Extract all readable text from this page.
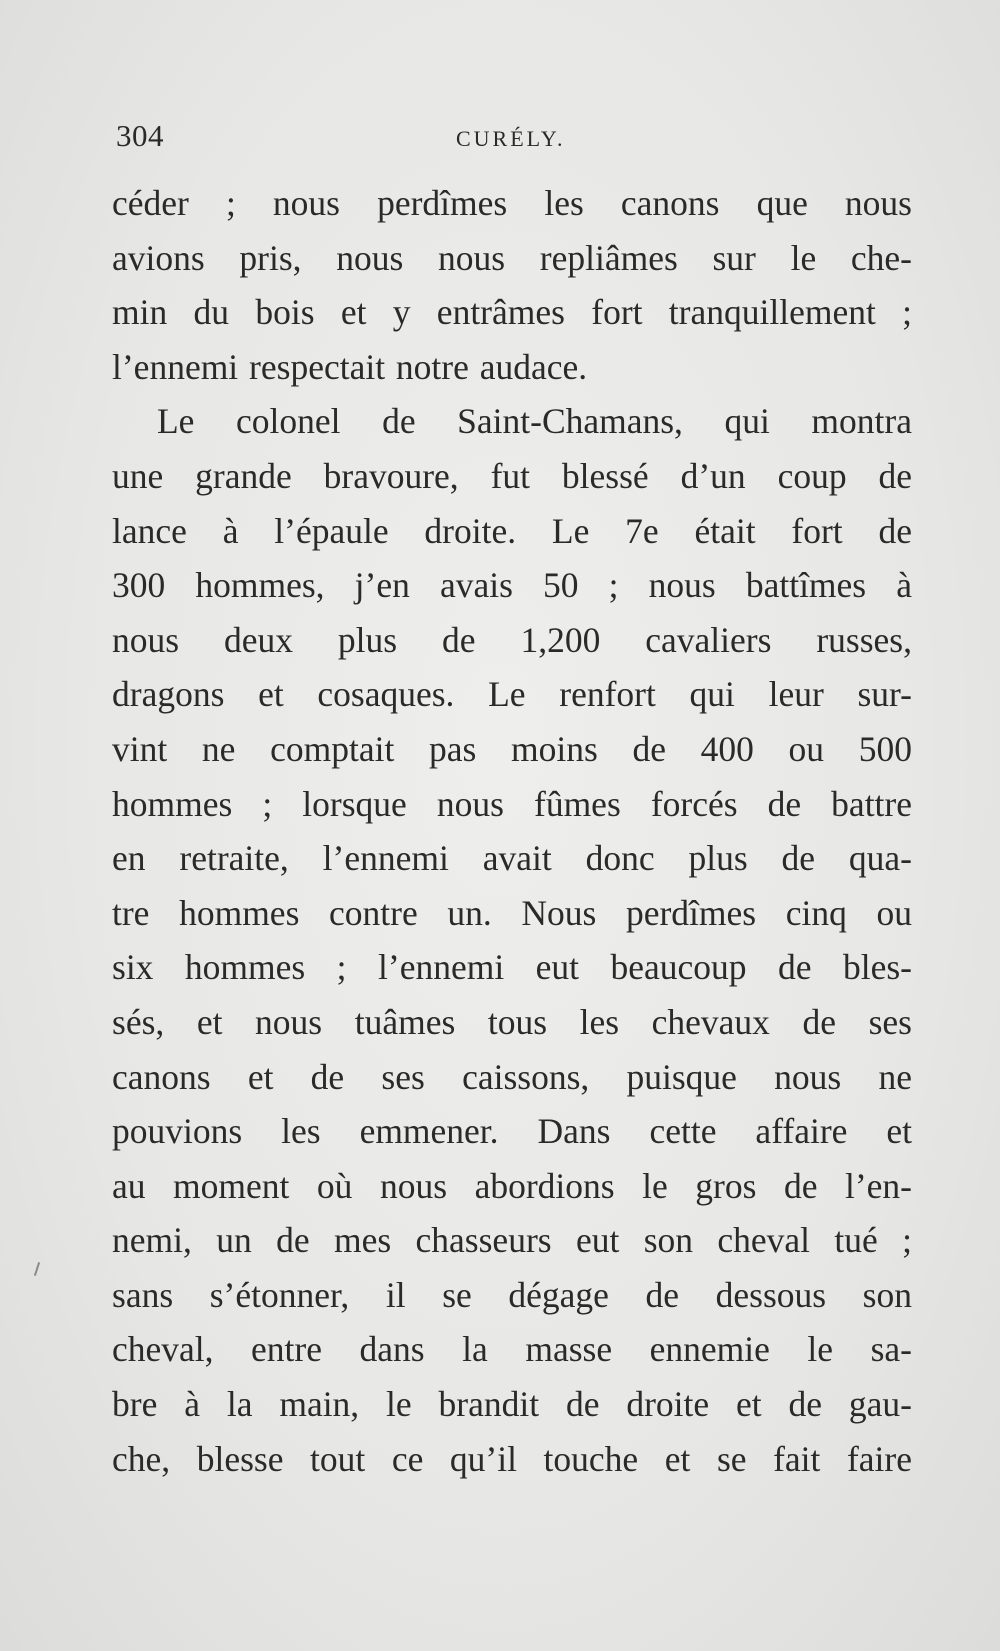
304	CURÉLY.
céder ; nous perdîmes les canons que nous
avions pris, nous nous repliâmes sur le che-
min du bois et y entrâmes fort tranquillement ;
l’ennemi respectait notre audace.
Le colonel de Saint-Chamans, qui montra
une grande bravoure, fut blessé d’un coup de
lance à l’épaule droite. Le 7e était fort de
300 hommes, j’en avais 50 ; nous battîmes à
nous deux plus de 1,200 cavaliers russes,
dragons et cosaques. Le renfort qui leur sur-
vint ne comptait pas moins de 400 ou 500
hommes ; lorsque nous fûmes forcés de battre
en retraite, l’ennemi avait donc plus de qua-
tre hommes contre un. Nous perdîmes cinq ou
six hommes ; l’ennemi eut beaucoup de bles-
sés, et nous tuâmes tous les chevaux de ses
canons et de ses caissons, puisque nous ne
pouvions les emmener. Dans cette affaire et
au moment où nous abordions le gros de l’en-
nemi, un de mes chasseurs eut son cheval tué ;
sans s’étonner, il se dégage de dessous son
cheval, entre dans la masse ennemie le sa-
bre à la main, le brandit de droite et de gau-
che, blesse tout ce qu’il touche et se fait faire
